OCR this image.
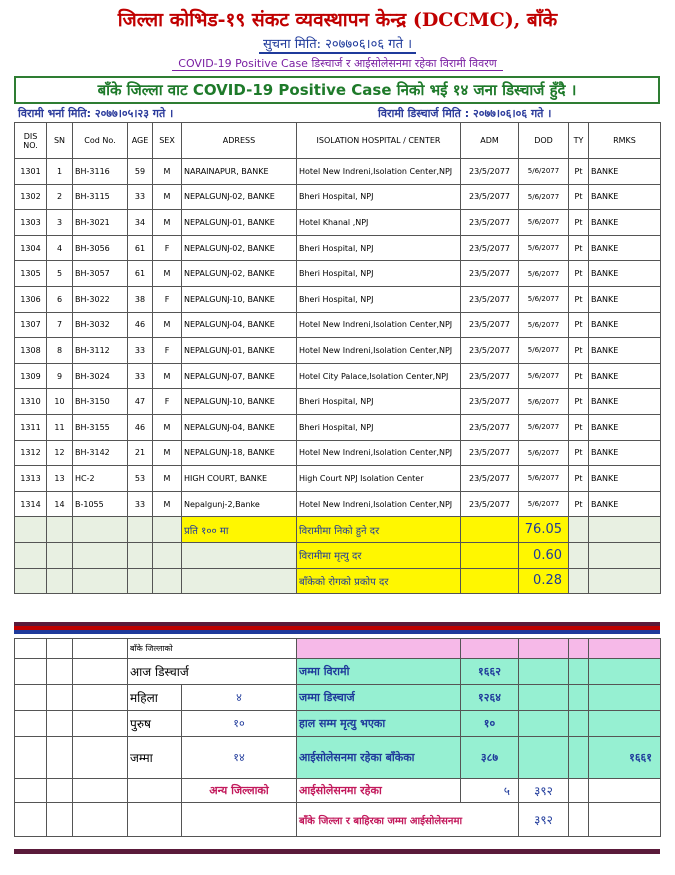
जिल्ला कोभिड-१९ संकट व्यवस्थापन केन्द्र (DCCMC), बाँके
सुचना मिति: २०७७०६।०६ गते ।
COVID-19 Positive Case डिस्चार्ज र आईसोलेसनमा रहेका विरामी विवरण
बाँके जिल्ला वाट COVID-19 Positive Case निको भई १४ जना डिस्चार्ज हुँदै ।
विरामी भर्ना मिति: २०७७।०५।२३ गते ।	विरामी डिस्चार्ज मिति : २०७७।०६।०६ गते ।
DIS NO.	SN	Cod No.	AGE	SEX	ADRESS	ISOLATION HOSPITAL / CENTER	ADM	DOD	TY	RMKS
1301	1	BH-3116	59	M	NARAINAPUR, BANKE	Hotel New Indreni,Isolation Center,NPJ	23/5/2077	5/6/2077	Pt	BANKE
1302	2	BH-3115	33	M	NEPALGUNJ-02, BANKE	Bheri Hospital, NPJ	23/5/2077	5/6/2077	Pt	BANKE
1303	3	BH-3021	34	M	NEPALGUNJ-01, BANKE	Hotel Khanal ,NPJ	23/5/2077	5/6/2077	Pt	BANKE
1304	4	BH-3056	61	F	NEPALGUNJ-02, BANKE	Bheri Hospital, NPJ	23/5/2077	5/6/2077	Pt	BANKE
1305	5	BH-3057	61	M	NEPALGUNJ-02, BANKE	Bheri Hospital, NPJ	23/5/2077	5/6/2077	Pt	BANKE
1306	6	BH-3022	38	F	NEPALGUNJ-10, BANKE	Bheri Hospital, NPJ	23/5/2077	5/6/2077	Pt	BANKE
1307	7	BH-3032	46	M	NEPALGUNJ-04, BANKE	Hotel New Indreni,Isolation Center,NPJ	23/5/2077	5/6/2077	Pt	BANKE
1308	8	BH-3112	33	F	NEPALGUNJ-01, BANKE	Hotel New Indreni,Isolation Center,NPJ	23/5/2077	5/6/2077	Pt	BANKE
1309	9	BH-3024	33	M	NEPALGUNJ-07, BANKE	Hotel City Palace,Isolation Center,NPJ	23/5/2077	5/6/2077	Pt	BANKE
1310	10	BH-3150	47	F	NEPALGUNJ-10, BANKE	Bheri Hospital, NPJ	23/5/2077	5/6/2077	Pt	BANKE
1311	11	BH-3155	46	M	NEPALGUNJ-04, BANKE	Bheri Hospital, NPJ	23/5/2077	5/6/2077	Pt	BANKE
1312	12	BH-3142	21	M	NEPALGUNJ-18, BANKE	Hotel New Indreni,Isolation Center,NPJ	23/5/2077	5/6/2077	Pt	BANKE
1313	13	HC-2	53	M	HIGH COURT, BANKE	High Court NPJ Isolation Center	23/5/2077	5/6/2077	Pt	BANKE
1314	14	B-1055	33	M	Nepalgunj-2,Banke	Hotel New Indreni,Isolation Center,NPJ	23/5/2077	5/6/2077	Pt	BANKE
					प्रति १०० मा	विरामीमा निको हुने दर		76.05		
						विरामीमा मृत्यु दर		0.60		
						बाँकेको रोगको प्रकोप दर		0.28		
			बाँके जिल्लाको						
			आज डिस्चार्ज		जम्मा विरामी	१६६२			
			महिला	४	जम्मा डिस्चार्ज	१२६४			
			पुरुष	१०	हाल सम्म मृत्यु भएका	१०			
			जम्मा	१४	आईसोलेसनमा रहेका बाँकेका	३८७			१६६१
				अन्य जिल्लाको	आईसोलेसनमा रहेका	५	३९२		
					बाँके जिल्ला र बाहिरका जम्मा आईसोलेसनमा		३९२		
